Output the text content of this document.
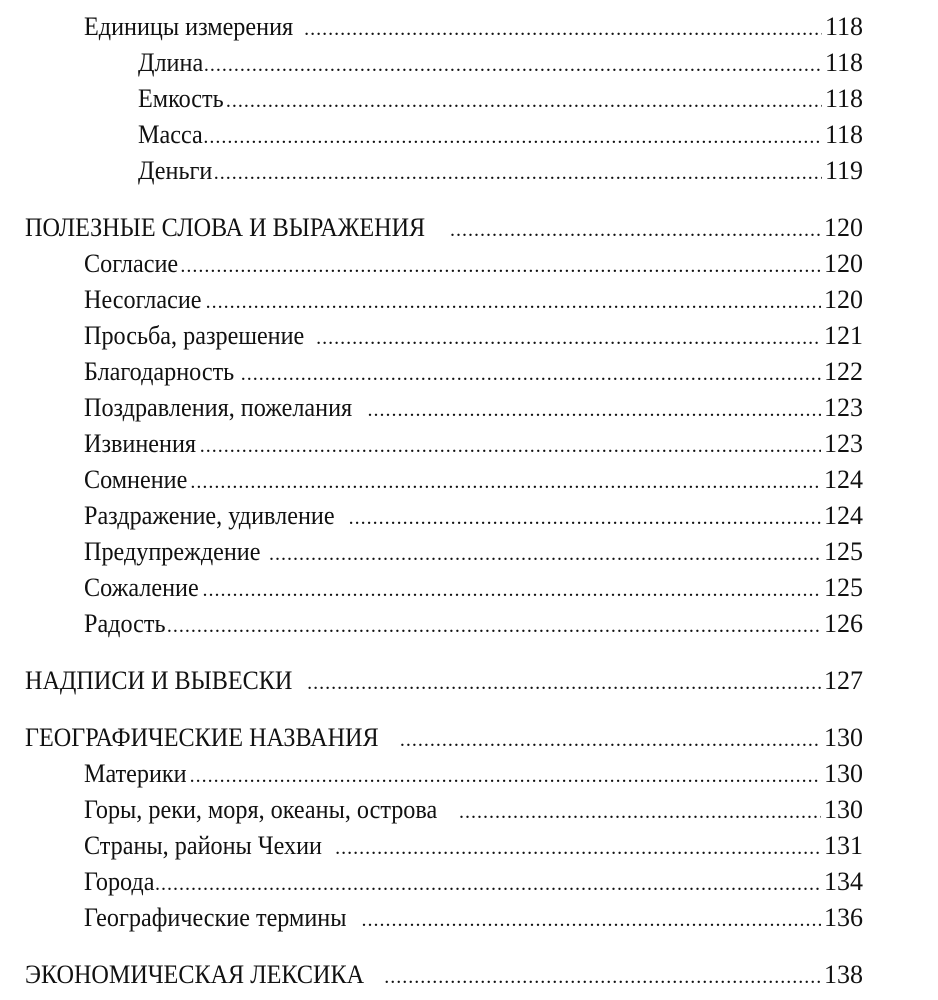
Единицы измерения .....	118
Длина .....	118
Емкость .....	118
Масса .....	118
Деньги .....	119
ПОЛЕЗНЫЕ СЛОВА И ВЫРАЖЕНИЯ .....	120
Согласие .....	120
Несогласие .....	120
Просьба, разрешение .....	121
Благодарность .....	122
Поздравления, пожелания .....	123
Извинения .....	123
Сомнение .....	124
Раздражение, удивление .....	124
Предупреждение .....	125
Сожаление .....	125
Радость .....	126
НАДПИСИ И ВЫВЕСКИ .....	127
ГЕОГРАФИЧЕСКИЕ НАЗВАНИЯ .....	130
Материки .....	130
Горы, реки, моря, океаны, острова .....	130
Страны, районы Чехии .....	131
Города .....	134
Географические термины .....	136
ЭКОНОМИЧЕСКАЯ ЛЕКСИКА .....	138
